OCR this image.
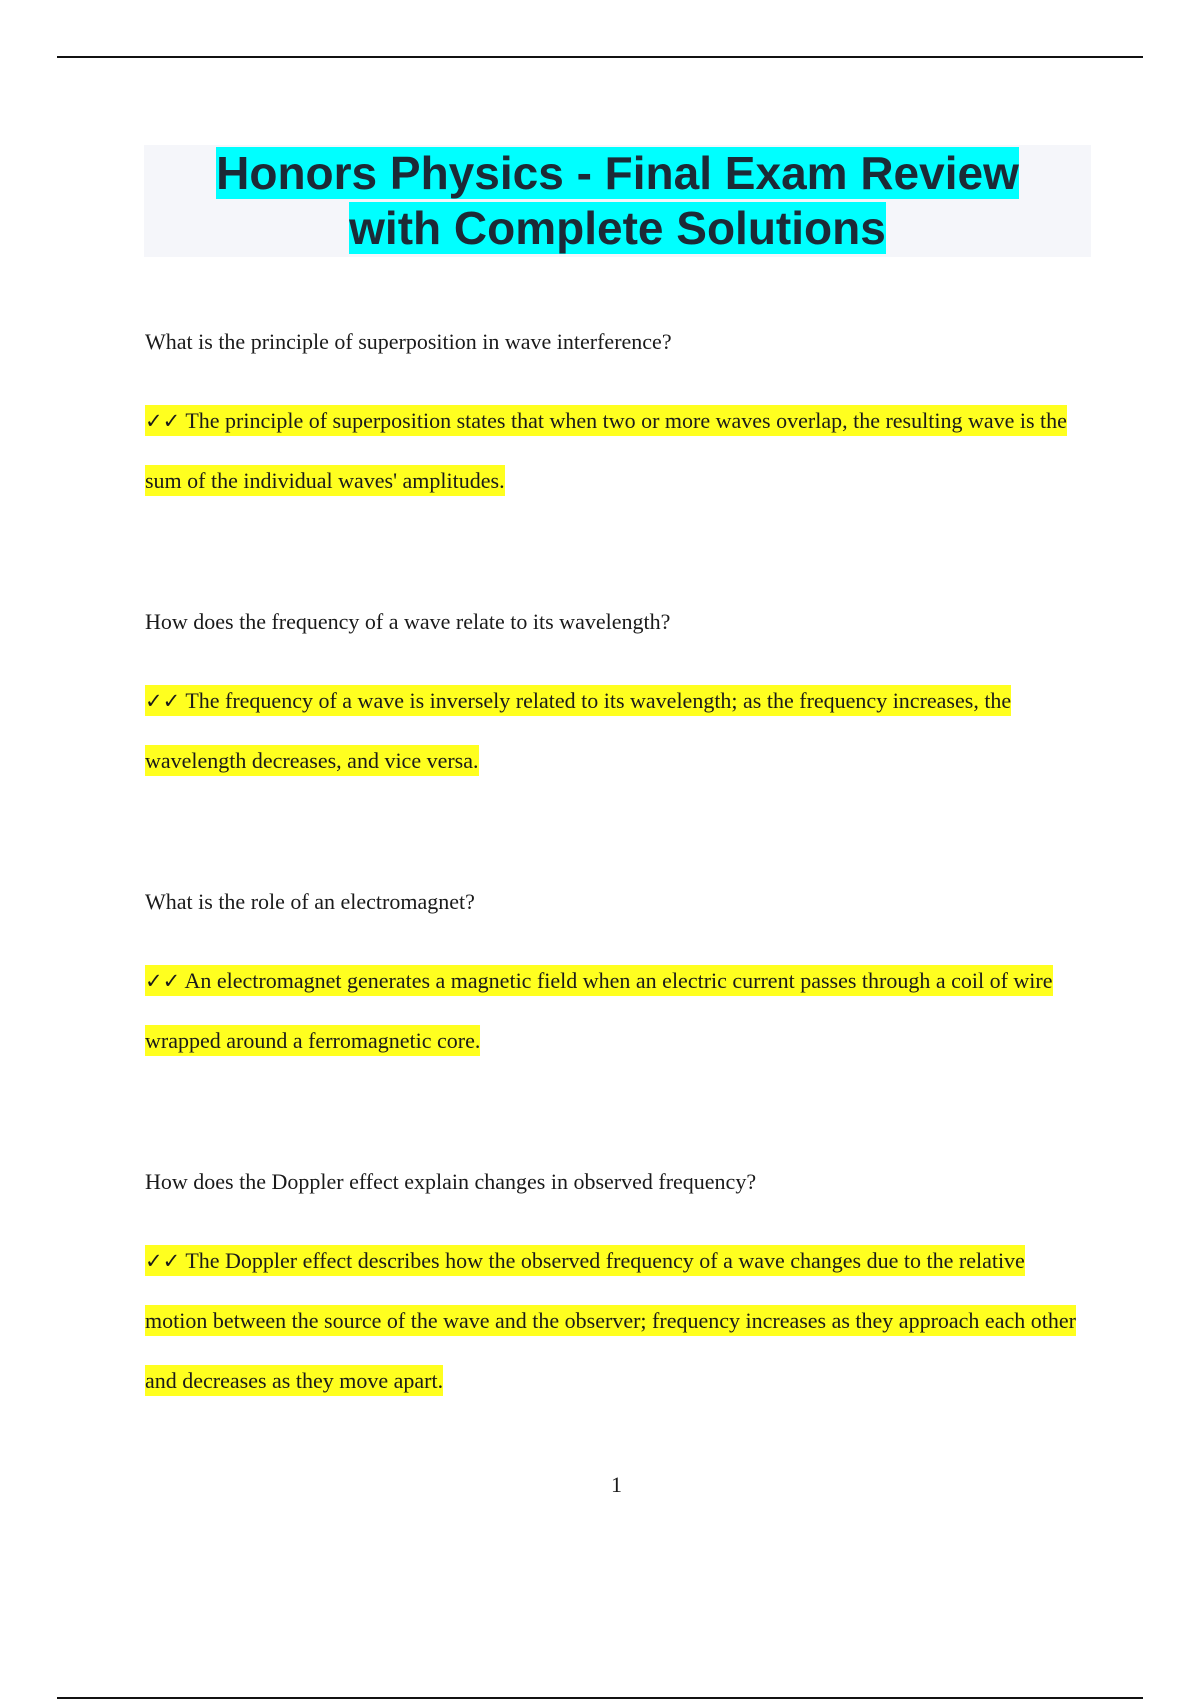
Honors Physics - Final Exam Review with Complete Solutions

What is the principle of superposition in wave interference?

✓✓ The principle of superposition states that when two or more waves overlap, the resulting wave is the sum of the individual waves' amplitudes.

How does the frequency of a wave relate to its wavelength?

✓✓ The frequency of a wave is inversely related to its wavelength; as the frequency increases, the wavelength decreases, and vice versa.

What is the role of an electromagnet?

✓✓ An electromagnet generates a magnetic field when an electric current passes through a coil of wire wrapped around a ferromagnetic core.

How does the Doppler effect explain changes in observed frequency?

✓✓ The Doppler effect describes how the observed frequency of a wave changes due to the relative motion between the source of the wave and the observer; frequency increases as they approach each other and decreases as they move apart.

1
